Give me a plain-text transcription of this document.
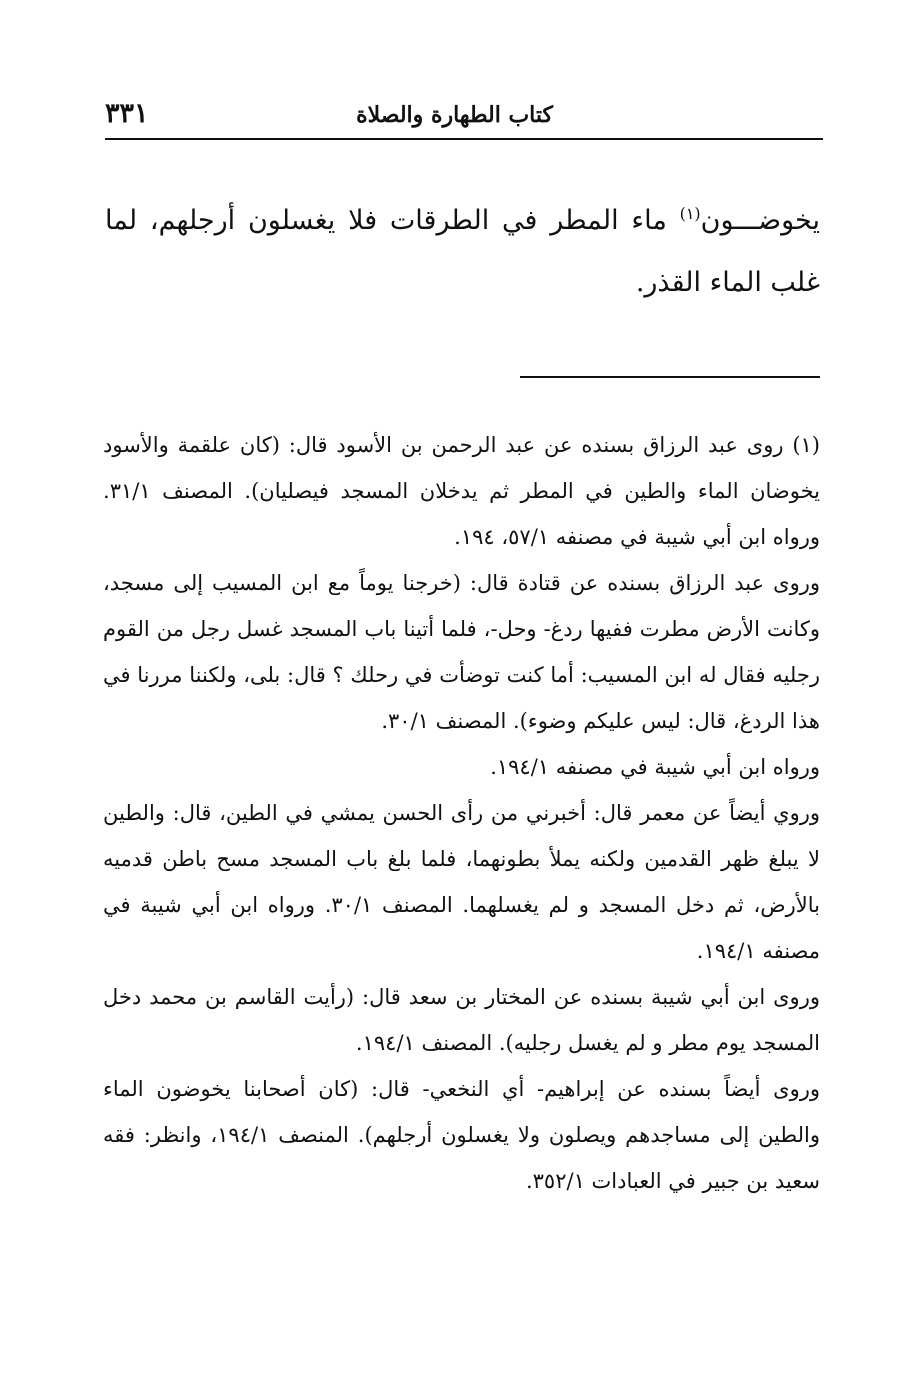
كتاب الطهارة والصلاة
٣٣١
يخوضـــون$^{(١)}$ ماء المطر في الطرقات فلا يغسلون أرجلهم، لما غلب الماء القذر.

(١) روى عبد الرزاق بسنده عن عبد الرحمن بن الأسود قال: (كان علقمة والأسود يخوضان الماء والطين في المطر ثم يدخلان المسجد فيصليان). المصنف ٣١/١. ورواه ابن أبي شيبة في مصنفه ٥٧/١، ١٩٤.

وروى عبد الرزاق بسنده عن قتادة قال: (خرجنا يوماً مع ابن المسيب إلى مسجد، وكانت الأرض مطرت ففيها ردغ- وحل-، فلما أتينا باب المسجد غسل رجل من القوم رجليه فقال له ابن المسيب: أما كنت توضأت في رحلك ؟ قال: بلى، ولكننا مررنا في هذا الردغ، قال: ليس عليكم وضوء). المصنف ٣٠/١.

ورواه ابن أبي شيبة في مصنفه ١٩٤/١.

وروي أيضاً عن معمر قال: أخبرني من رأى الحسن يمشي في الطين، قال: والطين لا يبلغ ظهر القدمين ولكنه يملأ بطونهما، فلما بلغ باب المسجد مسح باطن قدميه بالأرض، ثم دخل المسجد و لم يغسلهما. المصنف ٣٠/١. ورواه ابن أبي شيبة في مصنفه ١٩٤/١.

وروى ابن أبي شيبة بسنده عن المختار بن سعد قال: (رأيت القاسم بن محمد دخل المسجد يوم مطر و لم يغسل رجليه). المصنف ١٩٤/١.

وروى أيضاً بسنده عن إبراهيم- أي النخعي- قال: (كان أصحابنا يخوضون الماء والطين إلى مساجدهم ويصلون ولا يغسلون أرجلهم). المنصف ١٩٤/١، وانظر: فقه سعيد بن جبير في العبادات ٣٥٢/١.
